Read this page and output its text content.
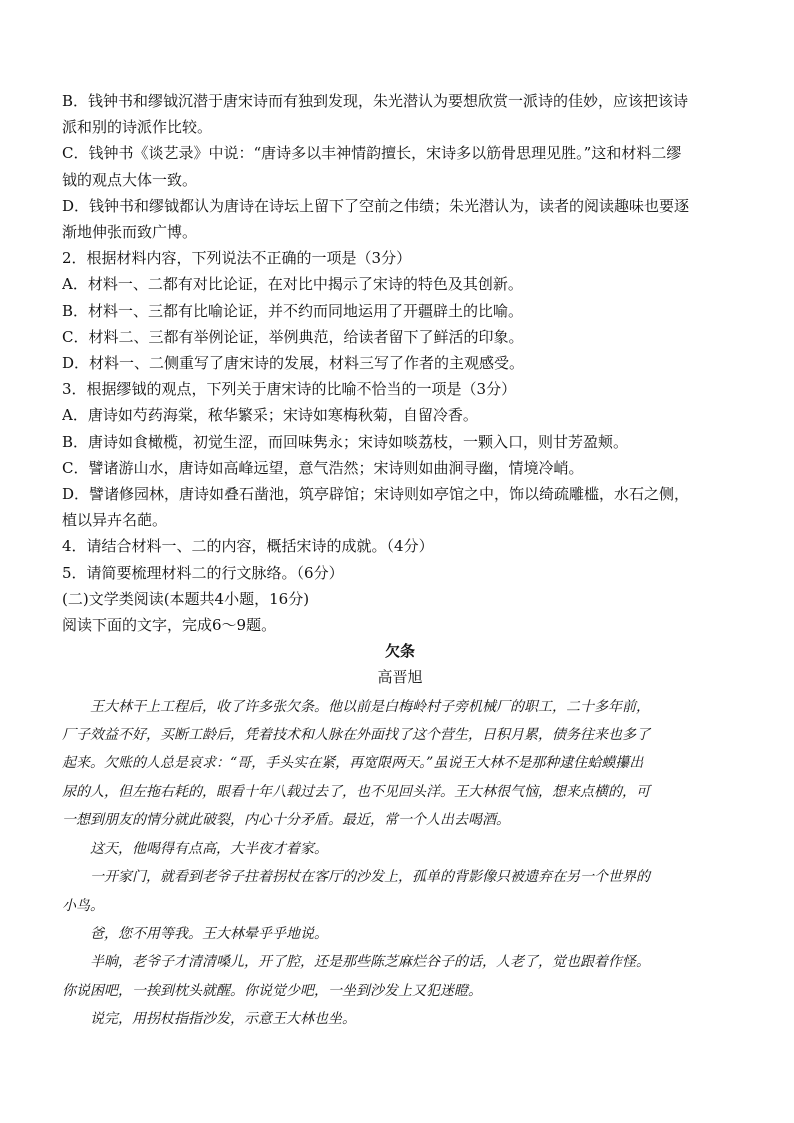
B．钱钟书和缪钺沉潜于唐宋诗而有独到发现，朱光潜认为要想欣赏一派诗的佳妙，应该把该诗
派和别的诗派作比较。
C．钱钟书《谈艺录》中说：“唐诗多以丰神情韵擅长，宋诗多以筋骨思理见胜。”这和材料二缪
钺的观点大体一致。
D．钱钟书和缪钺都认为唐诗在诗坛上留下了空前之伟绩；朱光潜认为，读者的阅读趣味也要逐
渐地伸张而致广博。
2．根据材料内容，下列说法不正确的一项是（3分）
A．材料一、二都有对比论证，在对比中揭示了宋诗的特色及其创新。
B．材料一、三都有比喻论证，并不约而同地运用了开疆辟土的比喻。
C．材料二、三都有举例论证，举例典范，给读者留下了鲜活的印象。
D．材料一、二侧重写了唐宋诗的发展，材料三写了作者的主观感受。
3．根据缪钺的观点，下列关于唐宋诗的比喻不恰当的一项是（3分）
A．唐诗如芍药海棠，秾华繁采；宋诗如寒梅秋菊，自留冷香。
B．唐诗如食橄榄，初觉生涩，而回味隽永；宋诗如啖荔枝，一颗入口，则甘芳盈颊。
C．譬诸游山水，唐诗如高峰远望，意气浩然；宋诗则如曲涧寻幽，情境冷峭。
D．譬诸修园林，唐诗如叠石凿池，筑亭辟馆；宋诗则如亭馆之中，饰以绮疏雕槛，水石之侧，
植以异卉名葩。
4．请结合材料一、二的内容，概括宋诗的成就。（4分）
5．请简要梳理材料二的行文脉络。（6分）
(二)文学类阅读(本题共4小题，16分)
阅读下面的文字，完成6～9题。
欠条
高晋旭
王大林干上工程后，收了许多张欠条。他以前是白梅岭村子旁机械厂的职工，二十多年前，
厂子效益不好，买断工龄后，凭着技术和人脉在外面找了这个营生，日积月累，债务往来也多了
起来。欠账的人总是哀求：“哥，手头实在紧，再宽限两天。”虽说王大林不是那种逮住蛤蟆攥出
尿的人，但左拖右耗的，眼看十年八载过去了，也不见回头洋。王大林很气恼，想来点横的，可
一想到朋友的情分就此破裂，内心十分矛盾。最近，常一个人出去喝酒。
这天，他喝得有点高，大半夜才着家。
一开家门，就看到老爷子拄着拐杖在客厅的沙发上，孤单的背影像只被遗弃在另一个世界的
小鸟。
爸，您不用等我。王大林晕乎乎地说。
半晌，老爷子才清清嗓儿，开了腔，还是那些陈芝麻烂谷子的话，人老了，觉也跟着作怪。
你说困吧，一挨到枕头就醒。你说觉少吧，一坐到沙发上又犯迷瞪。
说完，用拐杖指指沙发，示意王大林也坐。
